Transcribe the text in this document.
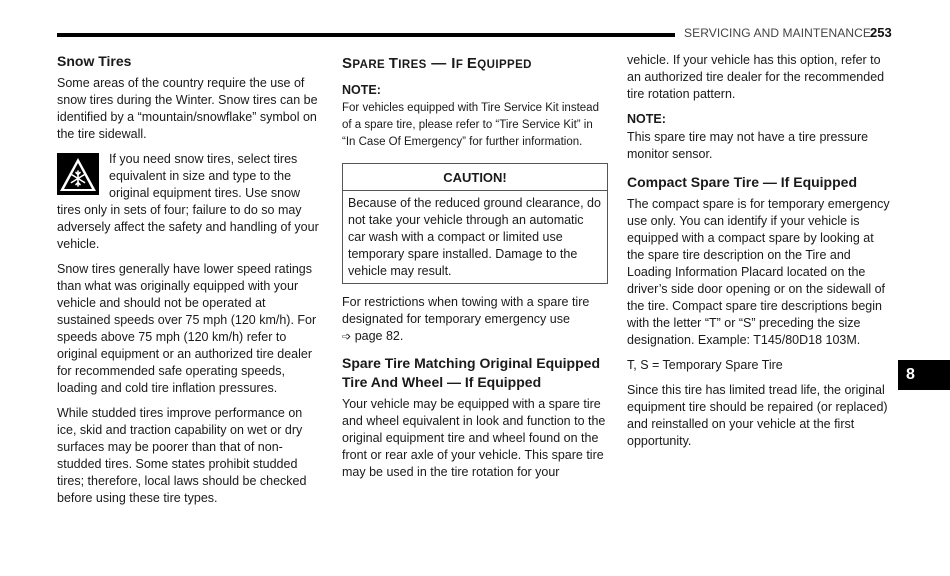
SERVICING AND MAINTENANCE 253
8
Snow Tires

Some areas of the country require the use of snow tires during the Winter. Snow tires can be identified by a “mountain/snowflake” symbol on the tire sidewall.

If you need snow tires, select tires equivalent in size and type to the original equipment tires. Use snow tires only in sets of four; failure to do so may adversely affect the safety and handling of your vehicle.

Snow tires generally have lower speed ratings than what was originally equipped with your vehicle and should not be operated at sustained speeds over 75 mph (120 km/h). For speeds above 75 mph (120 km/h) refer to original equipment or an authorized tire dealer for recommended safe operating speeds, loading and cold tire inflation pressures.

While studded tires improve performance on ice, skid and traction capability on wet or dry surfaces may be poorer than that of non-studded tires. Some states prohibit studded tires; therefore, local laws should be checked before using these tire types.

SPARE TIRES — IF EQUIPPED
NOTE:
For vehicles equipped with Tire Service Kit instead of a spare tire, please refer to “Tire Service Kit” in “In Case Of Emergency” for further information.
CAUTION!
Because of the reduced ground clearance, do not take your vehicle through an automatic car wash with a compact or limited use temporary spare installed. Damage to the vehicle may result.

For restrictions when towing with a spare tire designated for temporary emergency use
➩ page 82.

Spare Tire Matching Original Equipped Tire And Wheel — If Equipped

Your vehicle may be equipped with a spare tire and wheel equivalent in look and function to the original equipment tire and wheel found on the front or rear axle of your vehicle. This spare tire may be used in the tire rotation for your

vehicle. If your vehicle has this option, refer to an authorized tire dealer for the recommended tire rotation pattern.

NOTE:

This spare tire may not have a tire pressure monitor sensor.

Compact Spare Tire — If Equipped

The compact spare is for temporary emergency use only. You can identify if your vehicle is equipped with a compact spare by looking at the spare tire description on the Tire and Loading Information Placard located on the driver’s side door opening or on the sidewall of the tire. Compact spare tire descriptions begin with the letter “T” or “S” preceding the size designation. Example: T145/80D18 103M.

T, S = Temporary Spare Tire

Since this tire has limited tread life, the original equipment tire should be repaired (or replaced) and reinstalled on your vehicle at the first opportunity.
